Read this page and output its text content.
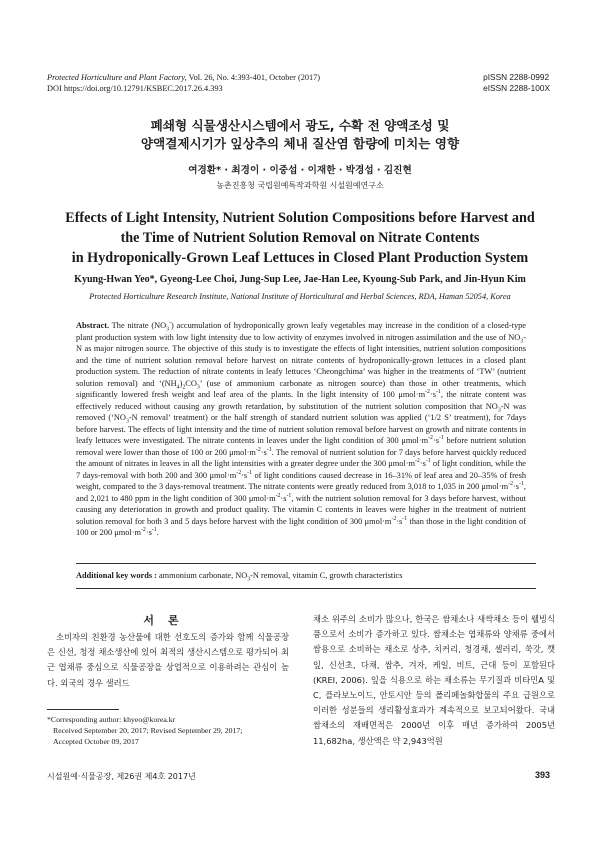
Protected Horticulture and Plant Factory, Vol. 26, No. 4:393-401, October (2017)
DOI https://doi.org/10.12791/KSBEC.2017.26.4.393
pISSN 2288-0992
eISSN 2288-100X
폐쇄형 식물생산시스템에서 광도, 수확 전 양액조성 및
양액결제시기가 잎상추의 체내 질산염 함량에 미치는 영향
여경환* · 최경이 · 이중섭 · 이재한 · 박경섭 · 김진현
농촌진흥청 국립원예특작과학원 시설원예연구소
Effects of Light Intensity, Nutrient Solution Compositions before Harvest and
the Time of Nutrient Solution Removal on Nitrate Contents
in Hydroponically-Grown Leaf Lettuces in Closed Plant Production System
Kyung-Hwan Yeo*, Gyeong-Lee Choi, Jung-Sup Lee, Jae-Han Lee, Kyoung-Sub Park, and Jin-Hyun Kim
Protected Horticulture Research Institute, National Institute of Horticultural and Herbal Sciences, RDA, Haman 52054, Korea
Abstract. The nitrate $(NO_3^-)$ accumulation of hydroponically grown leafy vegetables may increase in the condition of a closed-type plant production system with low light intensity due to low activity of enzymes involved in nitrogen assimilation and the use of $NO_3-N$ as major nitrogen source. The objective of this study is to investigate the effects of light intensities, nutrient solution compositions and the time of nutrient solution removal before harvest on nitrate contents of hydroponically-grown lettuces in a closed plant production system. The reduction of nitrate contents in leafy lettuces ‘Cheongchima’ was higher in the treatments of ‘TW’ (nutrient solution removal) and ‘$(NH_4)_2CO_3$’ (use of ammonium carbonate as nitrogen source) than those in other treatments, which significantly lowered fresh weight and leaf area of the plants. In the light intensity of 100 $\mu mol\cdot m^{-2}\cdot s^{-1}$, the nitrate content was effectively reduced without causing any growth retardation, by substitution of the nutrient solution composition that $NO_3-N$ was removed (‘$NO_3-N$ removal’ treatment) or the half strength of standard nutrient solution was applied (‘1/2 S’ treatment), for 7days before harvest. The effects of light intensity and the time of nutrient solution removal before harvest on growth and nitrate contents in leafy lettuces were investigated. The nitrate contents in leaves under the light condition of 300 $\mu mol\cdot m^{-2}\cdot s^{-1}$ before nutrient solution removal were lower than those of 100 or 200 $\mu mol\cdot m^{-2}\cdot s^{-1}$. The removal of nutrient solution for 7 days before harvest quickly reduced the amount of nitrates in leaves in all the light intensities with a greater degree under the 300 $\mu mol\cdot m^{-2}\cdot s^{-1}$ of light condition, while the 7 days-removal with both 200 and 300 $\mu mol\cdot m^{-2}\cdot s^{-1}$ of light conditions caused decrease in 16–31% of leaf area and 20–35% of fresh weight, compared to the 3 days-removal treatment. The nitrate contents were greatly reduced from 3,018 to 1,035 in 200 $\mu mol\cdot m^{-2}\cdot s^{-1}$, and 2,021 to 480 ppm in the light condition of 300 $\mu mol\cdot m^{-2}\cdot s^{-1}$, with the nutrient solution removal for 3 days before harvest, without causing any deterioration in growth and product quality. The vitamin C contents in leaves were higher in the treatment of nutrient solution removal for both 3 and 5 days before harvest with the light condition of 300 $\mu mol\cdot m^{-2}\cdot s^{-1}$ than those in the light condition of 100 or 200 $\mu mol\cdot m^{-2}\cdot s^{-1}$.
Additional key words : ammonium carbonate, $NO_3-N$ removal, vitamin C, growth characteristics
서론
소비자의 친환경 농산물에 대한 선호도의 증가와 함께 식물공장은 신선, 청정 채소생산에 있어 최적의 생산시스템으로 평가되어 최근 엽채류 중심으로 식물공장을 상업적으로 이용하려는 관심이 높다. 외국의 경우 샐러드
채소 위주의 소비가 많으나, 한국은 쌈채소나 새싹채소 등이 웰빙식품으로서 소비가 증가하고 있다. 쌈채소는 엽채류와 양채류 중에서 쌈용으로 소비하는 채소로 상추, 치커리, 청경채, 셀러리, 쑥갓, 깻잎, 신선초, 다채, 쌈추, 겨자, 케일, 비트, 근대 등이 포함된다(KREI, 2006). 잎을 식용으로 하는 채소류는 무기질과 비타민A 및 C, 플라보노이드, 안토시안 등의 폴리페놀화합물의 주요 급원으로 이러한 성분들의 생리활성효과가 계속적으로 보고되어왔다. 국내 쌈채소의 재배면적은 2000년 이후 매년 증가하여 2005년 11,682ha, 생산액은 약 2,943억원
*Corresponding author: khyeo@korea.kr
Received September 20, 2017; Revised September 29, 2017;
Accepted October 09, 2017
시설원예·식물공장, 제26권 제4호 2017년	393
